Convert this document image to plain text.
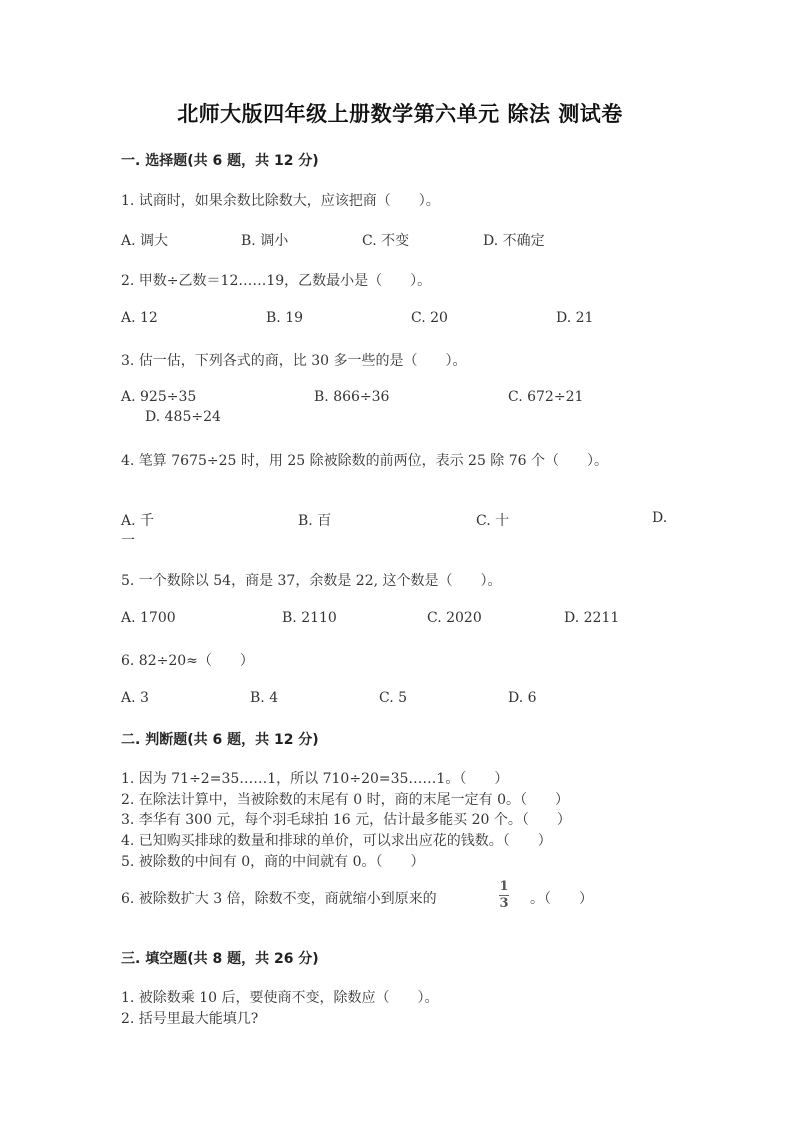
北师大版四年级上册数学第六单元 除法 测试卷
一. 选择题(共 6 题，共 12 分)
1. 试商时，如果余数比除数大，应该把商（　　）。
A. 调大	B. 调小	C. 不变	D. 不确定
2. 甲数÷乙数＝12……19，乙数最小是（　　）。
A. 12	B. 19	C. 20	D. 21
3. 估一估，下列各式的商，比 30 多一些的是（　　）。
A. 925÷35	B. 866÷36	C. 672÷21
D. 485÷24
4. 笔算 7675÷25 时，用 25 除被除数的前两位，表示 25 除 76 个（　　）。
A. 千	B. 百	C. 十	D.
一
5. 一个数除以 54，商是 37，余数是 22, 这个数是（　　）。
A. 1700	B. 2110	C. 2020	D. 2211
6. 82÷20≈（　　）
A. 3	B. 4	C. 5	D. 6
二. 判断题(共 6 题，共 12 分)
1. 因为 71÷2=35……1，所以 710÷20=35……1。（　　）
2. 在除法计算中，当被除数的末尾有 0 时，商的末尾一定有 0。（　　）
3. 李华有 300 元，每个羽毛球拍 16 元，估计最多能买 20 个。（　　）
4. 已知购买排球的数量和排球的单价，可以求出应花的钱数。（　　）
5. 被除数的中间有 0，商的中间就有 0。（　　）
6. 被除数扩大 3 倍，除数不变，商就缩小到原来的
1
3 。（　　）
三. 填空题(共 8 题，共 26 分)
1. 被除数乘 10 后，要使商不变，除数应（　　）。
2. 括号里最大能填几?
